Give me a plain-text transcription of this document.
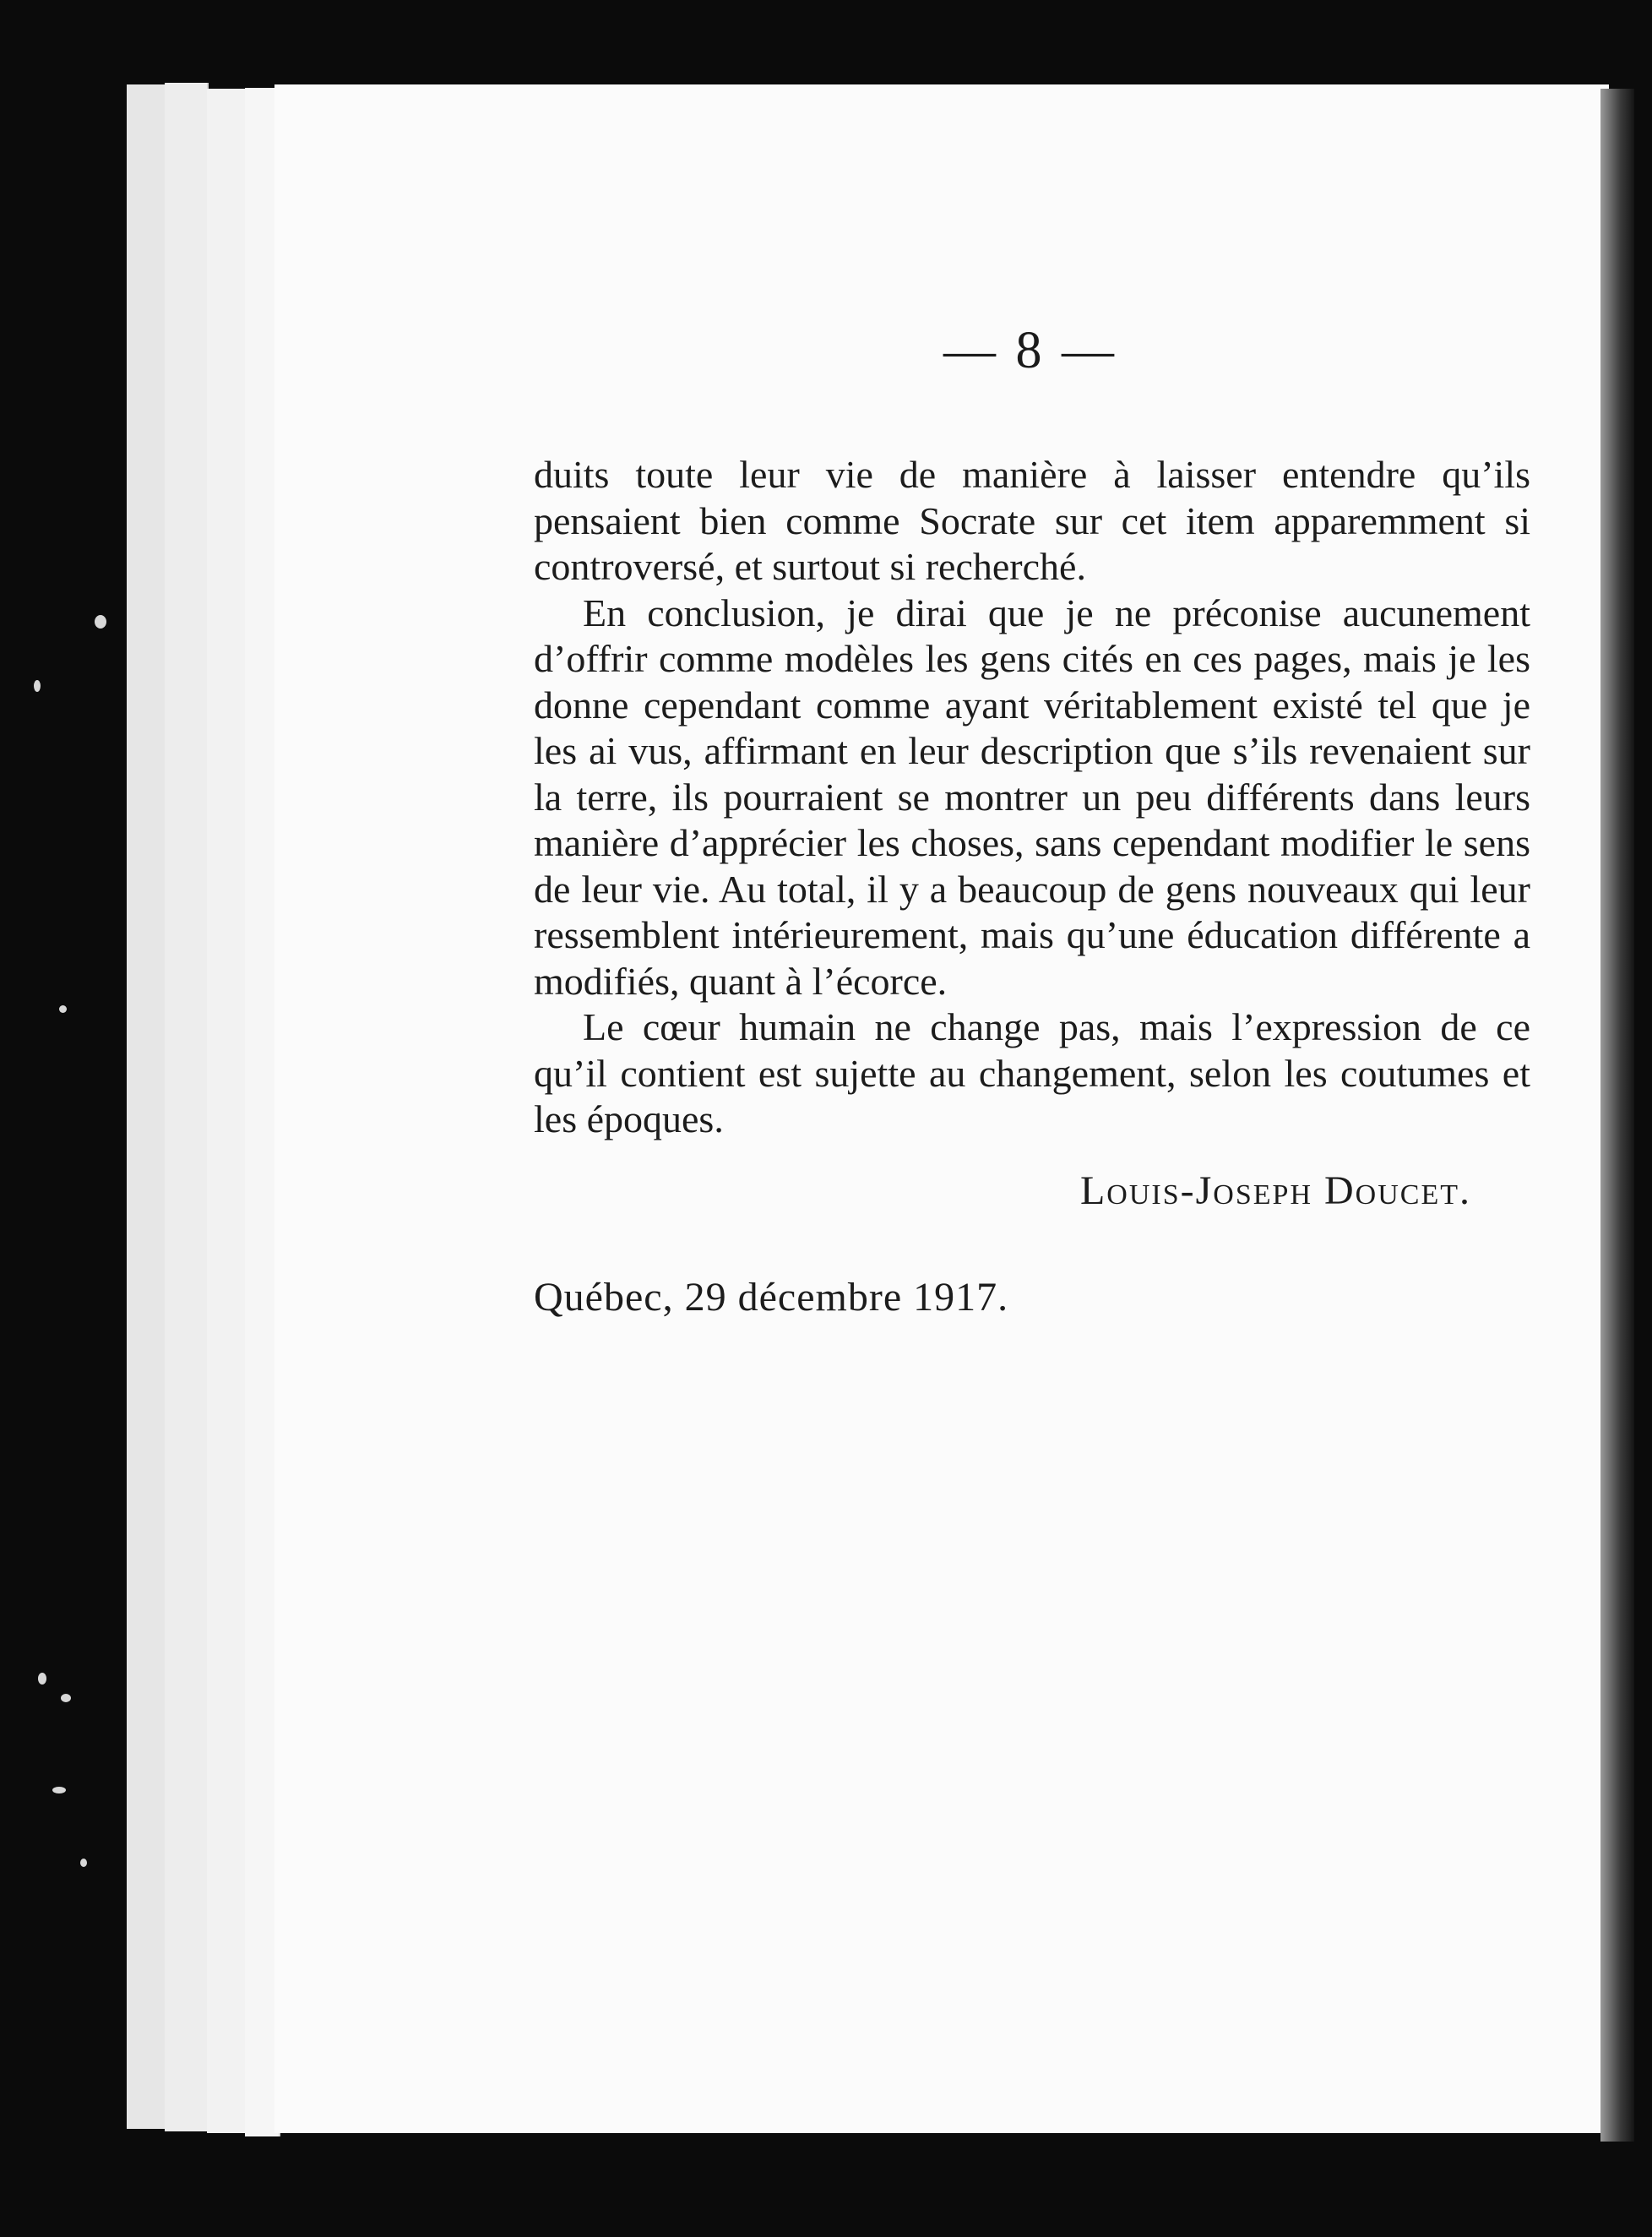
— 8 —

duits toute leur vie de manière à laisser entendre qu’ils pensaient bien comme Socrate sur cet item apparemment si controversé, et surtout si recherché.

En conclusion, je dirai que je ne préconise aucunement d’offrir comme modèles les gens cités en ces pages, mais je les donne cependant comme ayant véritablement existé tel que je les ai vus, affirmant en leur description que s’ils revenaient sur la terre, ils pourraient se montrer un peu différents dans leurs manière d’apprécier les choses, sans cependant modifier le sens de leur vie. Au total, il y a beaucoup de gens nouveaux qui leur ressemblent intérieurement, mais qu’une éducation différente a modifiés, quant à l’écorce.

Le cœur humain ne change pas, mais l’expression de ce qu’il contient est sujette au changement, selon les coutumes et les époques.

Louis-Joseph Doucet.

Québec, 29 décembre 1917.
